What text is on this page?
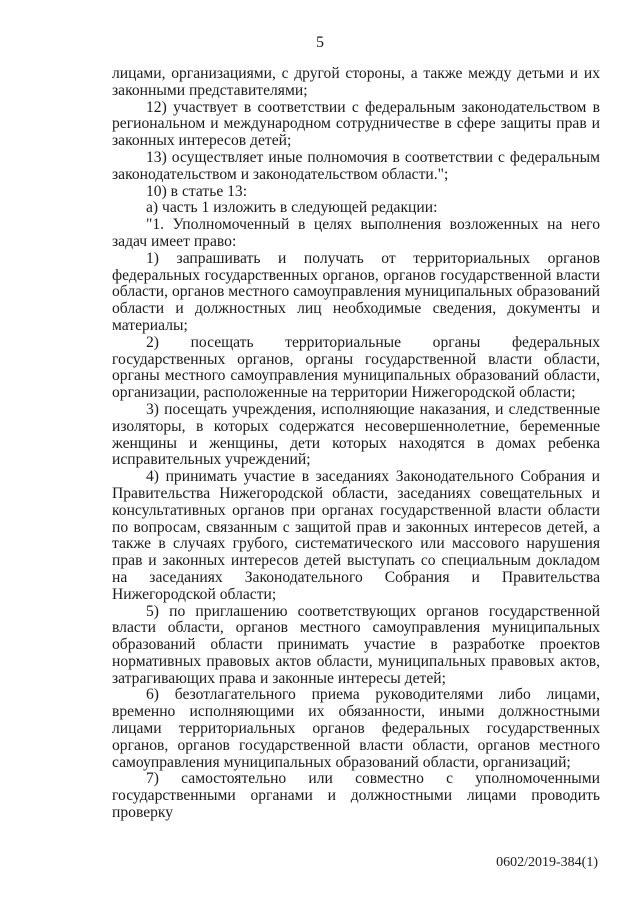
5

лицами, организациями, с другой стороны, а также между детьми и их законными представителями;

12) участвует в соответствии с федеральным законодательством в региональном и международном сотрудничестве в сфере защиты прав и законных интересов детей;

13) осуществляет иные полномочия в соответствии с федеральным законодательством и законодательством области.";

10) в статье 13:

а) часть 1 изложить в следующей редакции:

"1. Уполномоченный в целях выполнения возложенных на него задач имеет право:

1) запрашивать и получать от территориальных органов федеральных государственных органов, органов государственной власти области, органов местного самоуправления муниципальных образований области и должностных лиц необходимые сведения, документы и материалы;

2) посещать территориальные органы федеральных государственных органов, органы государственной власти области, органы местного самоуправления муниципальных образований области, организации, расположенные на территории Нижегородской области;

3) посещать учреждения, исполняющие наказания, и следственные изоляторы, в которых содержатся несовершеннолетние, беременные женщины и женщины, дети которых находятся в домах ребенка исправительных учреждений;

4) принимать участие в заседаниях Законодательного Собрания и Правительства Нижегородской области, заседаниях совещательных и консультативных органов при органах государственной власти области по вопросам, связанным с защитой прав и законных интересов детей, а также в случаях грубого, систематического или массового нарушения прав и законных интересов детей выступать со специальным докладом на заседаниях Законодательного Собрания и Правительства Нижегородской области;

5) по приглашению соответствующих органов государственной власти области, органов местного самоуправления муниципальных образований области принимать участие в разработке проектов нормативных правовых актов области, муниципальных правовых актов, затрагивающих права и законные интересы детей;

6) безотлагательного приема руководителями либо лицами, временно исполняющими их обязанности, иными должностными лицами территориальных органов федеральных государственных органов, органов государственной власти области, органов местного самоуправления муниципальных образований области, организаций;

7) самостоятельно или совместно с уполномоченными государственными органами и должностными лицами проводить проверку

0602/2019-384(1)
